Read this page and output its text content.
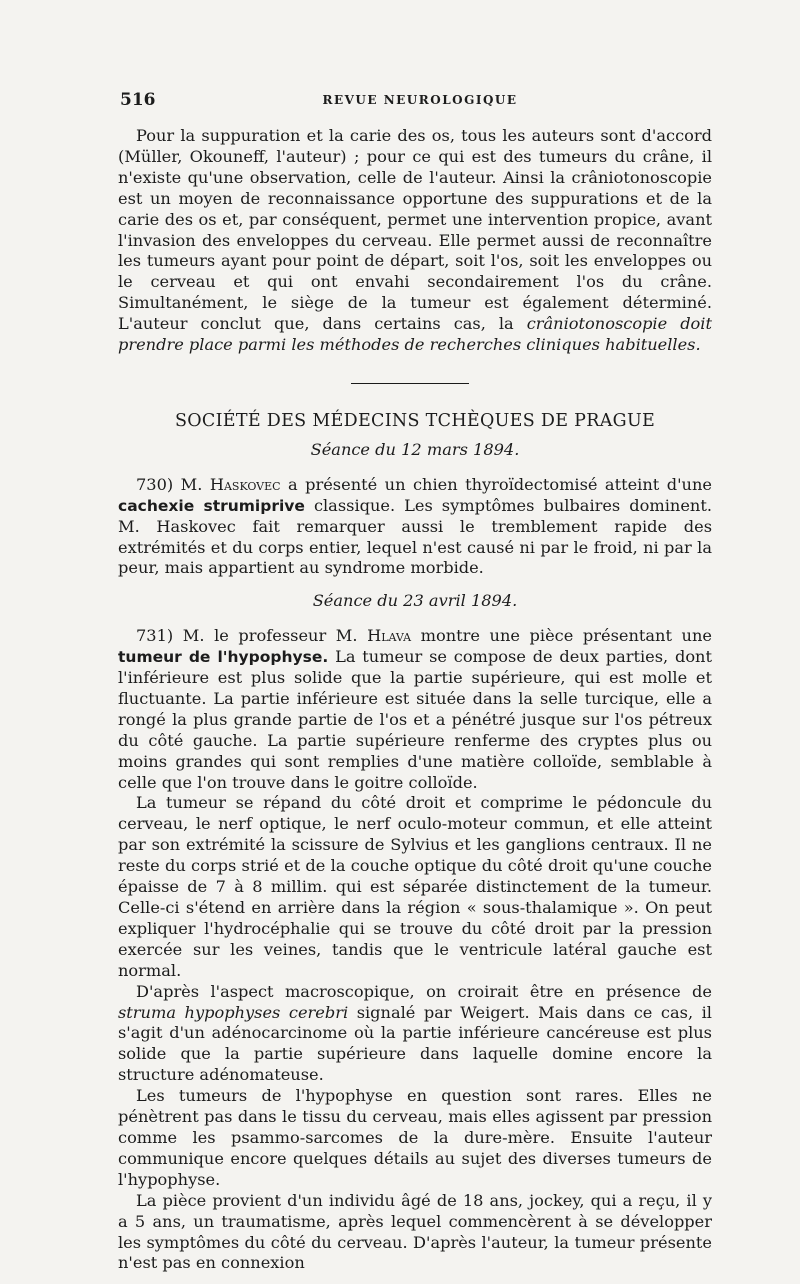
516	REVUE NEUROLOGIQUE

Pour la suppuration et la carie des os, tous les auteurs sont d'accord (Müller, Okouneff, l'auteur) ; pour ce qui est des tumeurs du crâne, il n'existe qu'une observation, celle de l'auteur. Ainsi la crâniotonoscopie est un moyen de reconnaissance opportune des suppurations et de la carie des os et, par conséquent, permet une intervention propice, avant l'invasion des enveloppes du cerveau. Elle permet aussi de reconnaître les tumeurs ayant pour point de départ, soit l'os, soit les enveloppes ou le cerveau et qui ont envahi secondairement l'os du crâne. Simultanément, le siège de la tumeur est également déterminé. L'auteur conclut que, dans certains cas, la crâniotonoscopie doit prendre place parmi les méthodes de recherches cliniques habituelles.

SOCIÉTÉ DES MÉDECINS TCHÈQUES DE PRAGUE
Séance du 12 mars 1894.

730) M. Haskovec a présenté un chien thyroïdectomisé atteint d'une cachexie strumiprive classique. Les symptômes bulbaires dominent. M. Haskovec fait remarquer aussi le tremblement rapide des extrémités et du corps entier, lequel n'est causé ni par le froid, ni par la peur, mais appartient au syndrome morbide.

Séance du 23 avril 1894.

731) M. le professeur M. Hlava montre une pièce présentant une tumeur de l'hypophyse. La tumeur se compose de deux parties, dont l'inférieure est plus solide que la partie supérieure, qui est molle et fluctuante. La partie inférieure est située dans la selle turcique, elle a rongé la plus grande partie de l'os et a pénétré jusque sur l'os pétreux du côté gauche. La partie supérieure renferme des cryptes plus ou moins grandes qui sont remplies d'une matière colloïde, semblable à celle que l'on trouve dans le goitre colloïde.

La tumeur se répand du côté droit et comprime le pédoncule du cerveau, le nerf optique, le nerf oculo-moteur commun, et elle atteint par son extrémité la scissure de Sylvius et les ganglions centraux. Il ne reste du corps strié et de la couche optique du côté droit qu'une couche épaisse de 7 à 8 millim. qui est séparée distinctement de la tumeur. Celle-ci s'étend en arrière dans la région « sous-thalamique ». On peut expliquer l'hydrocéphalie qui se trouve du côté droit par la pression exercée sur les veines, tandis que le ventricule latéral gauche est normal.

D'après l'aspect macroscopique, on croirait être en présence de struma hypophyses cerebri signalé par Weigert. Mais dans ce cas, il s'agit d'un adénocarcinome où la partie inférieure cancéreuse est plus solide que la partie supérieure dans laquelle domine encore la structure adénomateuse.

Les tumeurs de l'hypophyse en question sont rares. Elles ne pénètrent pas dans le tissu du cerveau, mais elles agissent par pression comme les psammo-sarcomes de la dure-mère. Ensuite l'auteur communique encore quelques détails au sujet des diverses tumeurs de l'hypophyse.

La pièce provient d'un individu âgé de 18 ans, jockey, qui a reçu, il y a 5 ans, un traumatisme, après lequel commencèrent à se développer les symptômes du côté du cerveau. D'après l'auteur, la tumeur présente n'est pas en connexion
